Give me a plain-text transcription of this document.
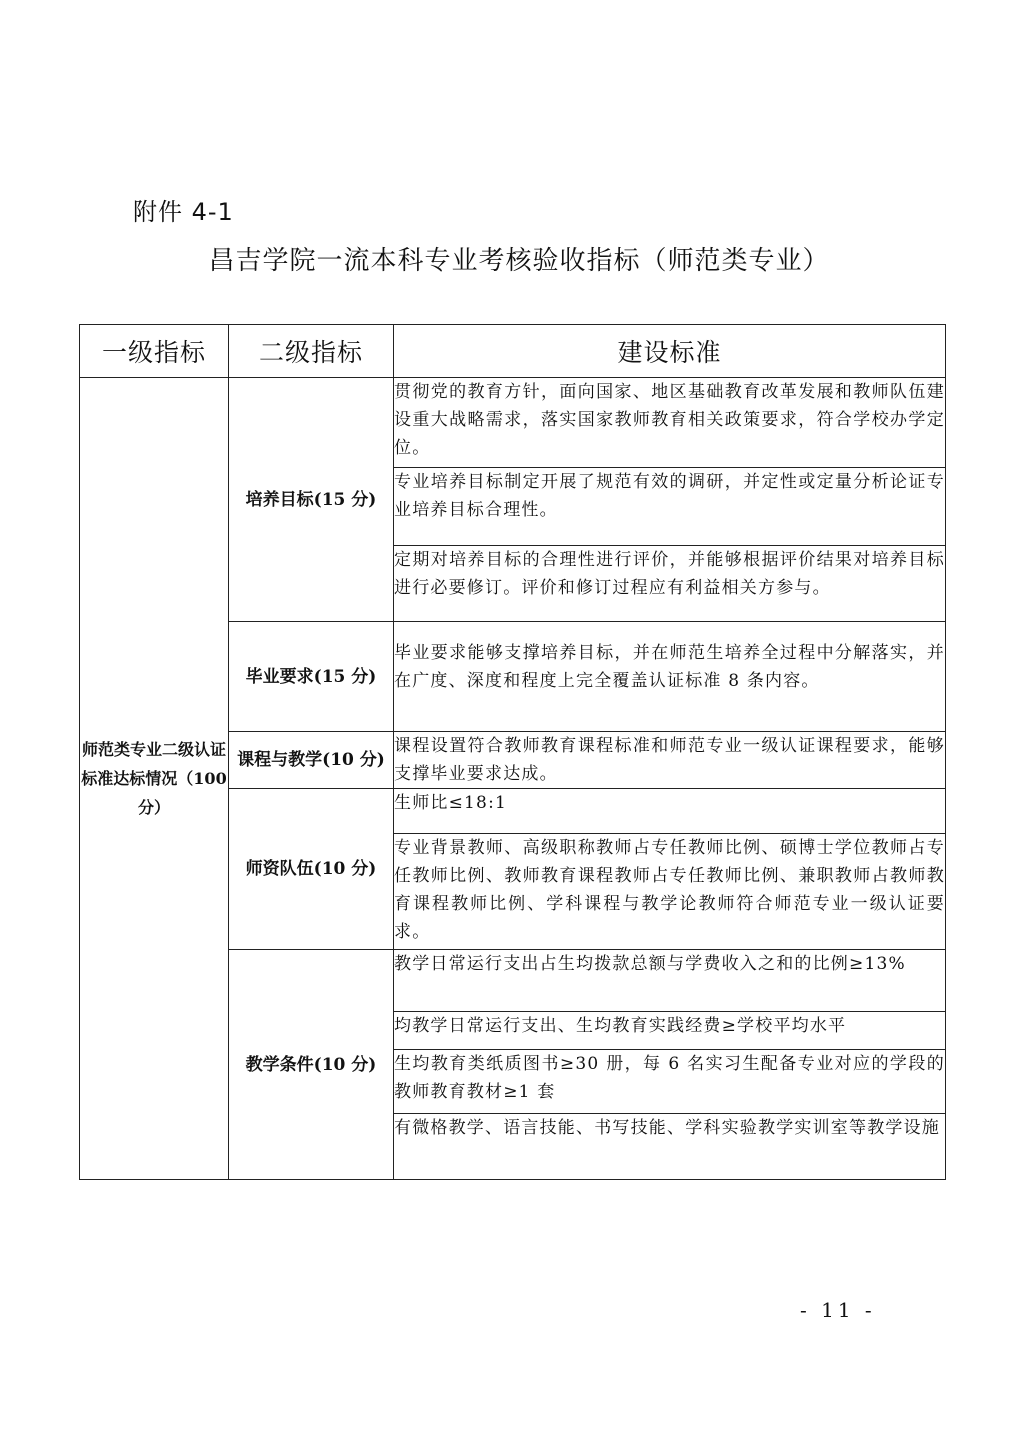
附件 4-1
昌吉学院一流本科专业考核验收指标（师范类专业）
一级指标	二级指标	建设标准
师范类专业二级认证标准达标情况（100分）	培养目标(15 分)	贯彻党的教育方针，面向国家、地区基础教育改革发展和教师队伍建设重大战略需求，落实国家教师教育相关政策要求，符合学校办学定位。
		专业培养目标制定开展了规范有效的调研，并定性或定量分析论证专业培养目标合理性。
		定期对培养目标的合理性进行评价，并能够根据评价结果对培养目标进行必要修订。评价和修订过程应有利益相关方参与。
	毕业要求(15 分)	毕业要求能够支撑培养目标，并在师范生培养全过程中分解落实，并在广度、深度和程度上完全覆盖认证标准 8 条内容。
	课程与教学(10 分)	课程设置符合教师教育课程标准和师范专业一级认证课程要求，能够支撑毕业要求达成。
	师资队伍(10 分)	生师比≤18:1
		专业背景教师、高级职称教师占专任教师比例、硕博士学位教师占专任教师比例、教师教育课程教师占专任教师比例、兼职教师占教师教育课程教师比例、学科课程与教学论教师符合师范专业一级认证要求。
	教学条件(10 分)	教学日常运行支出占生均拨款总额与学费收入之和的比例≥13%
		均教学日常运行支出、生均教育实践经费≥学校平均水平
		生均教育类纸质图书≥30 册，每 6 名实习生配备专业对应的学段的教师教育教材≥1 套
		有微格教学、语言技能、书写技能、学科实验教学实训室等教学设施
- 11 -
